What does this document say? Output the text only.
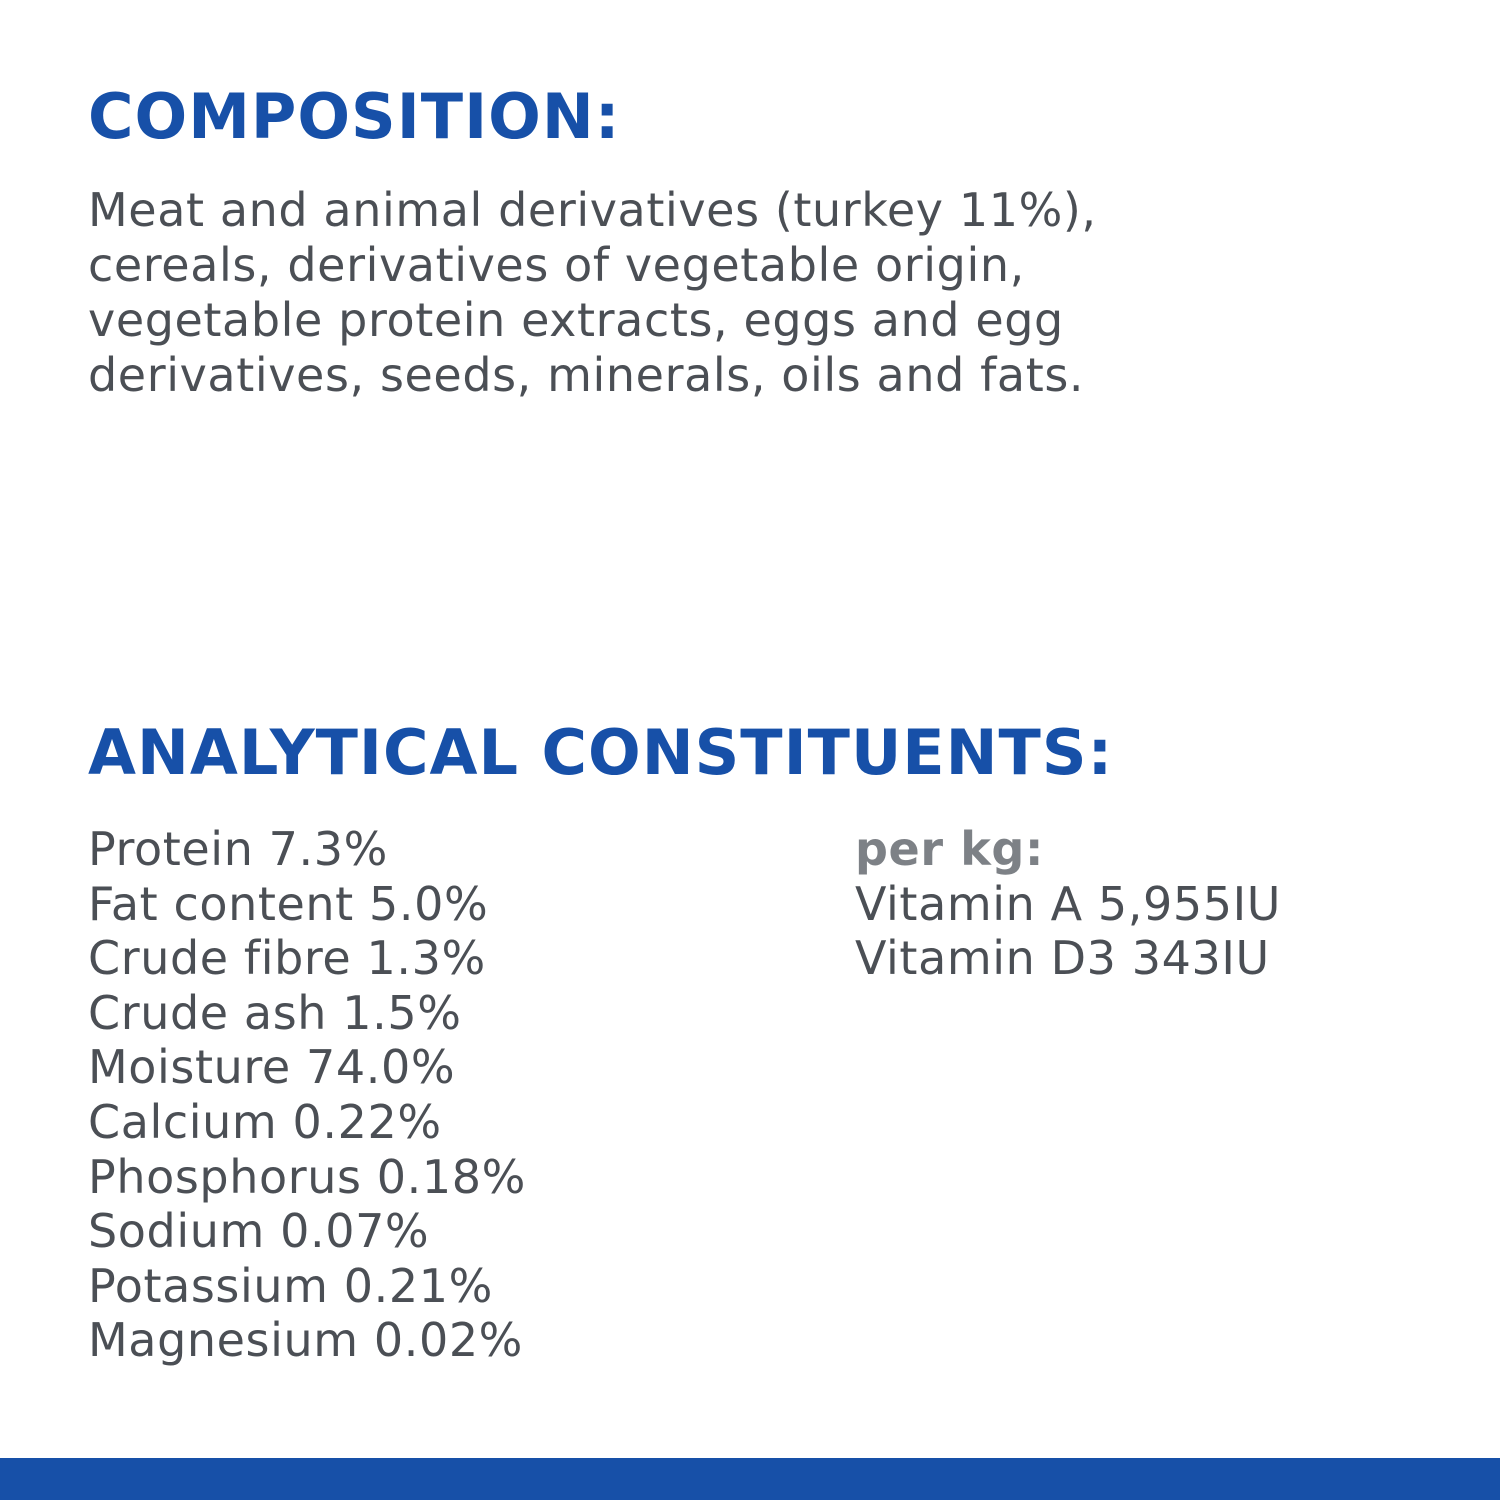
COMPOSITION:

Meat and animal derivatives (turkey 11%),
cereals, derivatives of vegetable origin,
vegetable protein extracts, eggs and egg
derivatives, seeds, minerals, oils and fats.

ANALYTICAL CONSTITUENTS:
Protein 7.3%
Fat content 5.0%
Crude fibre 1.3%
Crude ash 1.5%
Moisture 74.0%
Calcium 0.22%
Phosphorus 0.18%
Sodium 0.07%
Potassium 0.21%
Magnesium 0.02%
per kg:
Vitamin A 5,955IU
Vitamin D3 343IU
